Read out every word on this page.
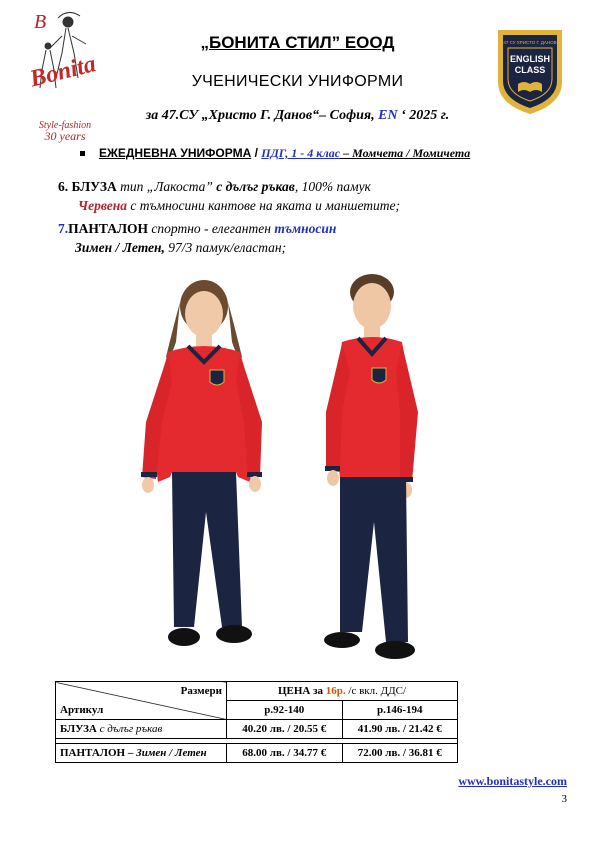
B
Bonita
Style-fashion
30 years
47 СУ ХРИСТО Г. ДАНОВ
ENGLISH
CLASS
„БОНИТА СТИЛ” ЕООД
УЧЕНИЧЕСКИ УНИФОРМИ
за 47.СУ „Христо Г. Данов“– София, EN ‘ 2025 г.
ЕЖЕДНЕВНА УНИФОРМА / ПДГ, 1 - 4 клас – Момчета / Момичета
6. БЛУЗА тип „Лакоста” с дълъг ръкав, 100% памук
Червена с тъмносини кантове на яката и маншетите;
7.ПАНТАЛОН спортно - елегантен тъмносин
Зимен / Летен, 97/3 памук/еластан;
Размери
Артикул	ЦЕНА за 16р. /с вкл. ДДС/	
	р.92-140	р.146-194
БЛУЗА с дълъг ръкав	40.20 лв. / 20.55 €	41.90 лв. / 21.42 €

ПАНТАЛОН – Зимен / Летен	68.00 лв. / 34.77 €	72.00 лв. / 36.81 €
www.bonitastyle.com
3
